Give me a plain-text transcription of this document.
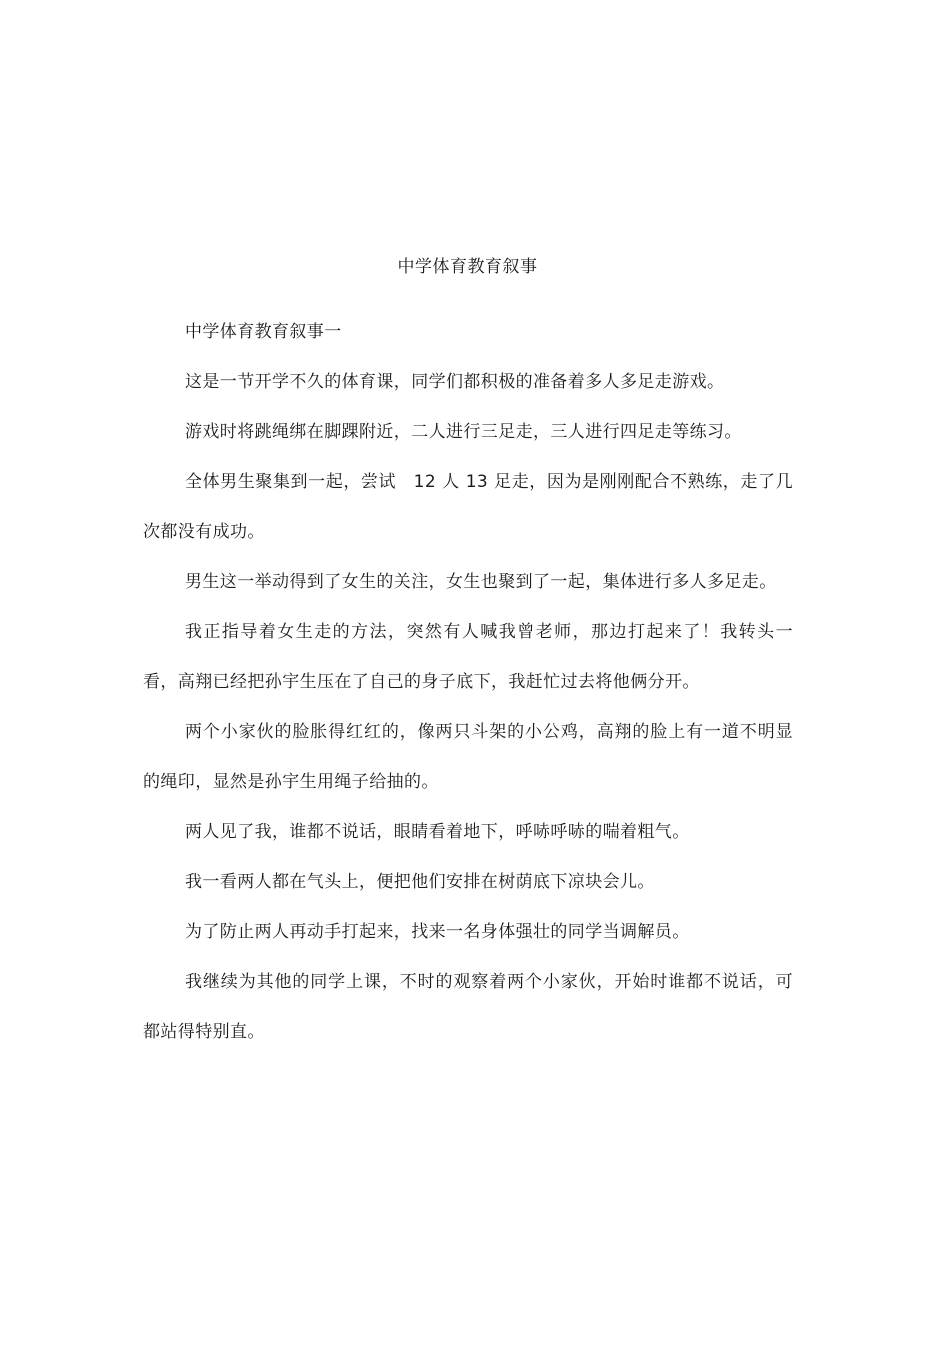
中学体育教育叙事

中学体育教育叙事一

这是一节开学不久的体育课，同学们都积极的准备着多人多足走游戏。

游戏时将跳绳绑在脚踝附近，二人进行三足走，三人进行四足走等练习。

全体男生聚集到一起，尝试　12 人 13 足走，因为是刚刚配合不熟练，走了几次都没有成功。

男生这一举动得到了女生的关注，女生也聚到了一起，集体进行多人多足走。

我正指导着女生走的方法，突然有人喊我曾老师，那边打起来了！我转头一看，高翔已经把孙宇生压在了自己的身子底下，我赶忙过去将他俩分开。

两个小家伙的脸胀得红红的，像两只斗架的小公鸡，高翔的脸上有一道不明显的绳印，显然是孙宇生用绳子给抽的。

两人见了我，谁都不说话，眼睛看着地下，呼哧呼哧的喘着粗气。

我一看两人都在气头上，便把他们安排在树荫底下凉块会儿。

为了防止两人再动手打起来，找来一名身体强壮的同学当调解员。

我继续为其他的同学上课，不时的观察着两个小家伙，开始时谁都不说话，可都站得特别直。
